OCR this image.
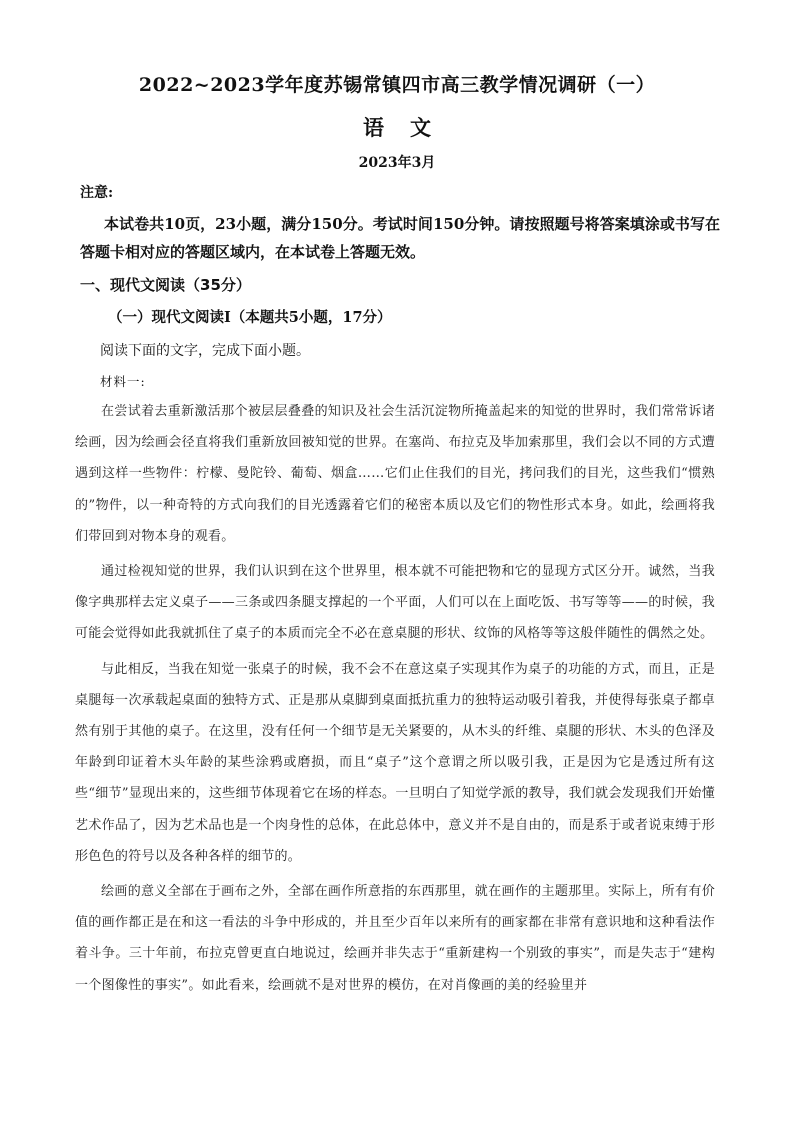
2022~2023学年度苏锡常镇四市高三教学情况调研（一）
语文
2023年3月
注意:
本试卷共10页，23小题，满分150分。考试时间150分钟。请按照题号将答案填涂或书写在答题卡相对应的答题区域内，在本试卷上答题无效。
一、现代文阅读（35分）
（一）现代文阅读Ⅰ（本题共5小题，17分）
阅读下面的文字，完成下面小题。
材料一:

在尝试着去重新激活那个被层层叠叠的知识及社会生活沉淀物所掩盖起来的知觉的世界时，我们常常诉诸绘画，因为绘画会径直将我们重新放回被知觉的世界。在塞尚、布拉克及毕加索那里，我们会以不同的方式遭遇到这样一些物件：柠檬、曼陀铃、葡萄、烟盒……它们止住我们的目光，拷问我们的目光，这些我们“惯熟的”物件，以一种奇特的方式向我们的目光透露着它们的秘密本质以及它们的物性形式本身。如此，绘画将我们带回到对物本身的观看。

通过检视知觉的世界，我们认识到在这个世界里，根本就不可能把物和它的显现方式区分开。诚然，当我像字典那样去定义桌子——三条或四条腿支撑起的一个平面，人们可以在上面吃饭、书写等等——的时候，我可能会觉得如此我就抓住了桌子的本质而完全不必在意桌腿的形状、纹饰的风格等等这般伴随性的偶然之处。

与此相反，当我在知觉一张桌子的时候，我不会不在意这桌子实现其作为桌子的功能的方式，而且，正是桌腿每一次承载起桌面的独特方式、正是那从桌脚到桌面抵抗重力的独特运动吸引着我，并使得每张桌子都卓然有别于其他的桌子。在这里，没有任何一个细节是无关紧要的，从木头的纤维、桌腿的形状、木头的色泽及年龄到印证着木头年龄的某些涂鸦或磨损，而且“桌子”这个意谓之所以吸引我，正是因为它是透过所有这些“细节”显现出来的，这些细节体现着它在场的样态。一旦明白了知觉学派的教导，我们就会发现我们开始懂艺术作品了，因为艺术品也是一个肉身性的总体，在此总体中，意义并不是自由的，而是系于或者说束缚于形形色色的符号以及各种各样的细节的。

绘画的意义全部在于画布之外，全部在画作所意指的东西那里，就在画作的主题那里。实际上，所有有价值的画作都正是在和这一看法的斗争中形成的，并且至少百年以来所有的画家都在非常有意识地和这种看法作着斗争。三十年前，布拉克曾更直白地说过，绘画并非失志于“重新建构一个别致的事实”，而是失志于“建构一个图像性的事实”。如此看来，绘画就不是对世界的模仿，在对肖像画的美的经验里并
